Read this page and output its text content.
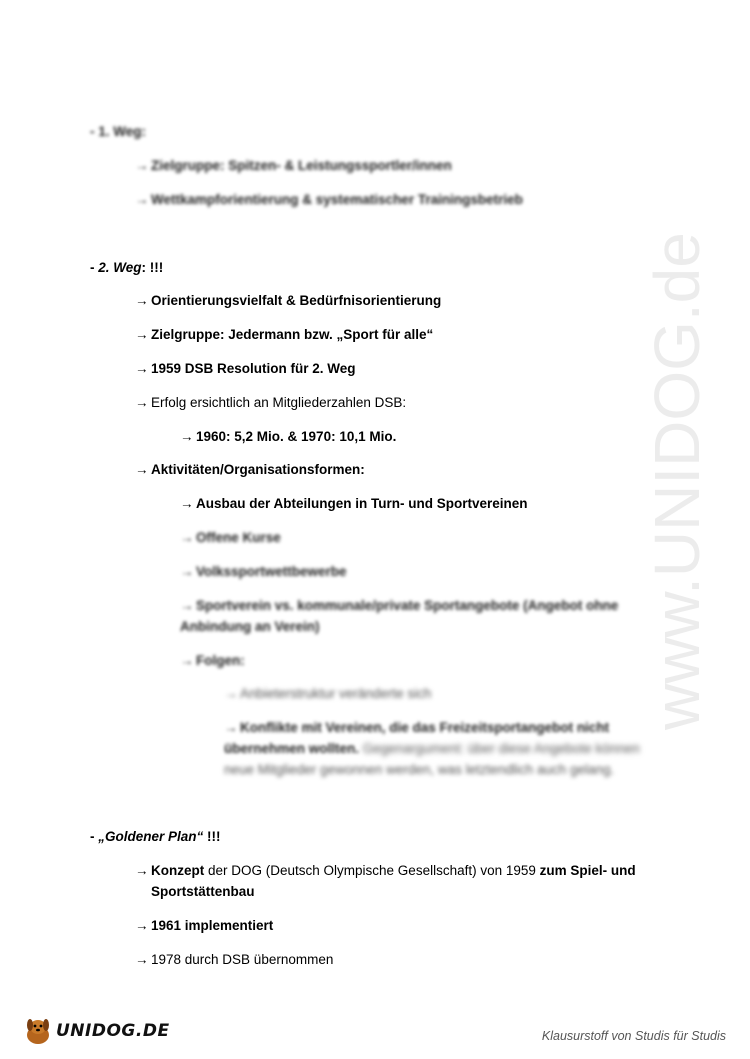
www.UNIDOG.de
- 1. Weg:
→ Zielgruppe: Spitzen- & Leistungssportler/innen
→ Wettkampforientierung & systematischer Trainingsbetrieb
- 2. Weg: !!!
→ Orientierungsvielfalt & Bedürfnisorientierung
→ Zielgruppe: Jedermann bzw. „Sport für alle“
→ 1959 DSB Resolution für 2. Weg
→ Erfolg ersichtlich an Mitgliederzahlen DSB:
→ 1960: 5,2 Mio. & 1970: 10,1 Mio.
→ Aktivitäten/Organisationsformen:
→ Ausbau der Abteilungen in Turn- und Sportvereinen
→ Offene Kurse
→ Volkssportwettbewerbe
→ Sportverein vs. kommunale/private Sportangebote (Angebot ohne
Anbindung an Verein)
→ Folgen:
→ Anbieterstruktur veränderte sich
→ Konflikte mit Vereinen, die das Freizeitsportangebot nicht
übernehmen wollten. Gegenargument: über diese Angebote können
neue Mitglieder gewonnen werden, was letztendlich auch gelang.
- „Goldener Plan“ !!!
→ Konzept der DOG (Deutsch Olympische Gesellschaft) von 1959 zum Spiel- und
Sportstättenbau
→ 1961 implementiert
→ 1978 durch DSB übernommen
UNIDOG.DE	Klausurstoff von Studis für Studis
